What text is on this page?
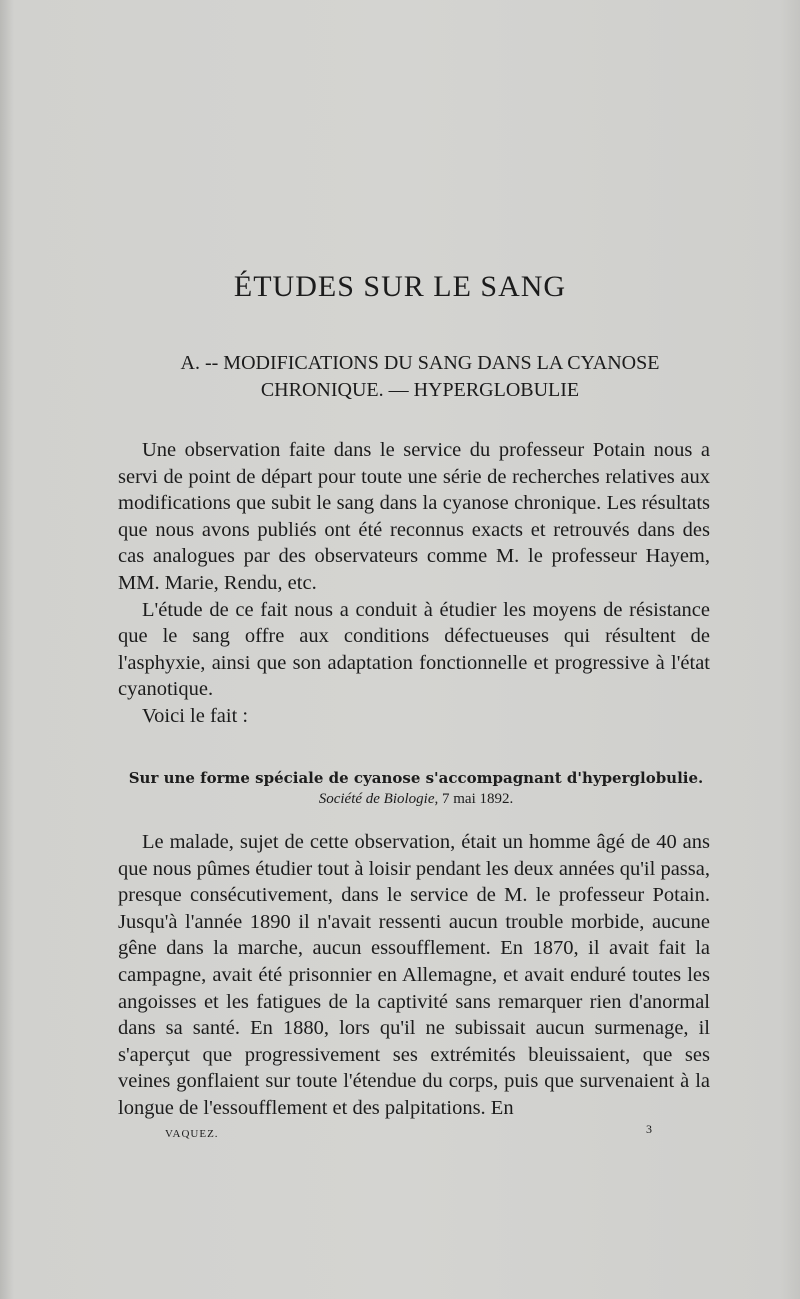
ÉTUDES SUR LE SANG
A. -- MODIFICATIONS DU SANG DANS LA CYANOSE
CHRONIQUE. — HYPERGLOBULIE

Une observation faite dans le service du professeur Potain nous a servi de point de départ pour toute une série de recherches relatives aux modifications que subit le sang dans la cyanose chronique. Les résultats que nous avons publiés ont été reconnus exacts et retrouvés dans des cas analogues par des observateurs comme M. le professeur Hayem, MM. Marie, Rendu, etc.

L'étude de ce fait nous a conduit à étudier les moyens de résistance que le sang offre aux conditions défectueuses qui résultent de l'asphyxie, ainsi que son adaptation fonctionnelle et progressive à l'état cyanotique.

Voici le fait :

Sur une forme spéciale de cyanose s'accompagnant d'hyperglobulie.
Société de Biologie, 7 mai 1892.

Le malade, sujet de cette observation, était un homme âgé de 40 ans que nous pûmes étudier tout à loisir pendant les deux années qu'il passa, presque consécutivement, dans le service de M. le professeur Potain. Jusqu'à l'année 1890 il n'avait ressenti aucun trouble morbide, aucune gêne dans la marche, aucun essoufflement. En 1870, il avait fait la campagne, avait été prisonnier en Allemagne, et avait enduré toutes les angoisses et les fatigues de la captivité sans remarquer rien d'anormal dans sa santé. En 1880, lors qu'il ne subissait aucun surmenage, il s'aperçut que progressivement ses extrémités bleuissaient, que ses veines gonflaient sur toute l'étendue du corps, puis que survenaient à la longue de l'essoufflement et des palpitations. En

VAQUEZ.	3
